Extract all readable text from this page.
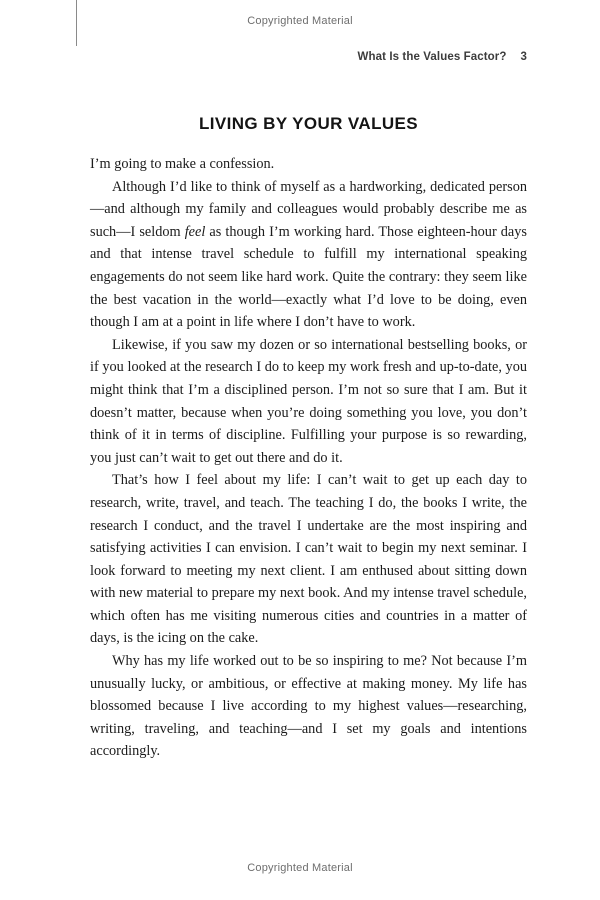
Copyrighted Material
What Is the Values Factor? 3
LIVING BY YOUR VALUES

I’m going to make a confession.

Although I’d like to think of myself as a hardworking, dedicated person—and although my family and colleagues would probably describe me as such—I seldom feel as though I’m working hard. Those eighteen-hour days and that intense travel schedule to fulfill my international speaking engagements do not seem like hard work. Quite the contrary: they seem like the best vacation in the world—exactly what I’d love to be doing, even though I am at a point in life where I don’t have to work.

Likewise, if you saw my dozen or so international bestselling books, or if you looked at the research I do to keep my work fresh and up-to-date, you might think that I’m a disciplined person. I’m not so sure that I am. But it doesn’t matter, because when you’re doing something you love, you don’t think of it in terms of discipline. Fulfilling your purpose is so rewarding, you just can’t wait to get out there and do it.

That’s how I feel about my life: I can’t wait to get up each day to research, write, travel, and teach. The teaching I do, the books I write, the research I conduct, and the travel I undertake are the most inspiring and satisfying activities I can envision. I can’t wait to begin my next seminar. I look forward to meeting my next client. I am enthused about sitting down with new material to prepare my next book. And my intense travel schedule, which often has me visiting numerous cities and countries in a matter of days, is the icing on the cake.

Why has my life worked out to be so inspiring to me? Not because I’m unusually lucky, or ambitious, or effective at making money. My life has blossomed because I live according to my highest values—researching, writing, traveling, and teaching—and I set my goals and intentions accordingly.

Copyrighted Material
